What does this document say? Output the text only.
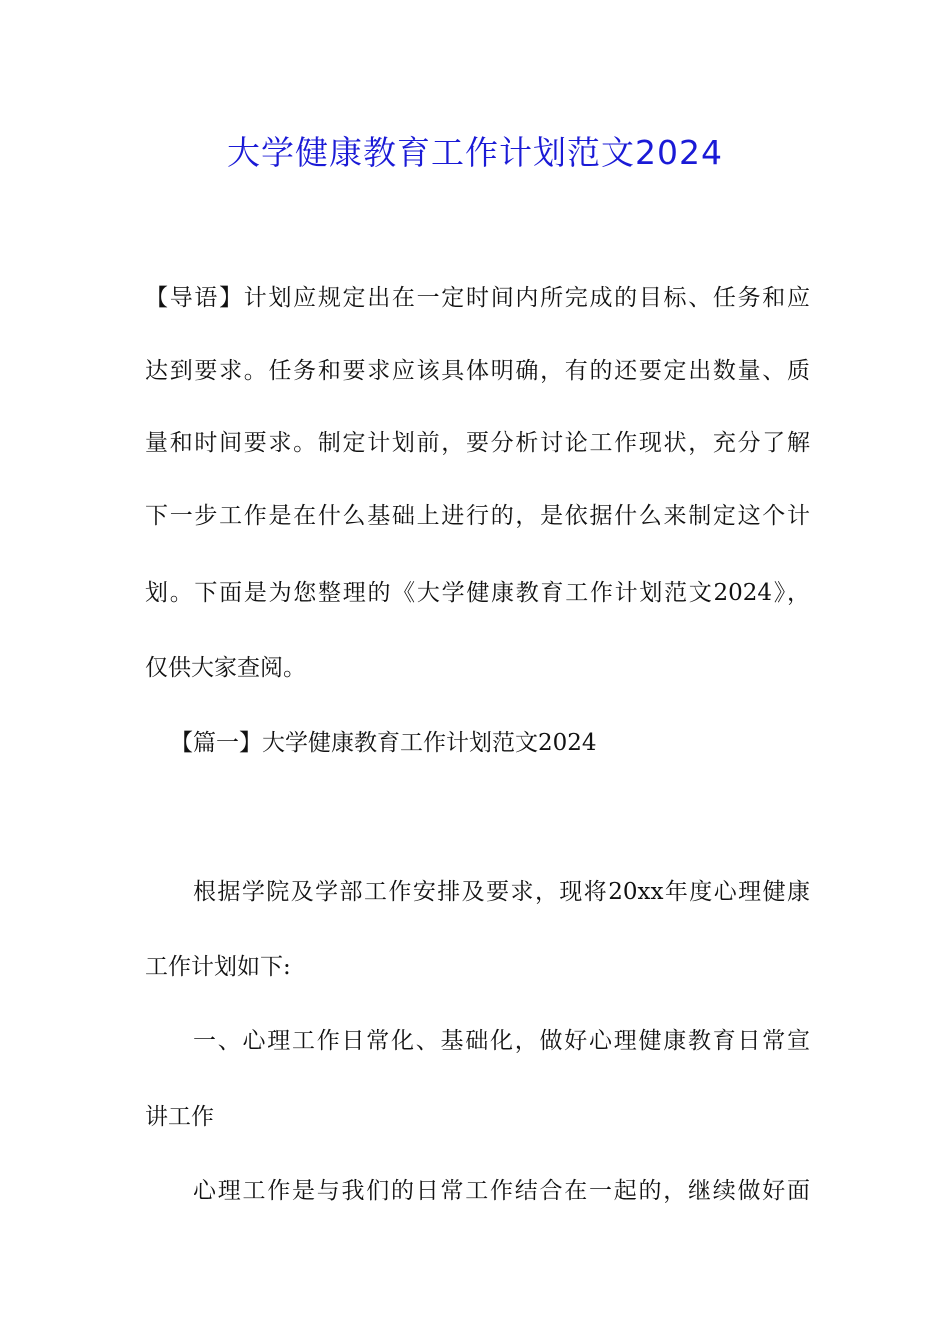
大学健康教育工作计划范文2024
【导语】计划应规定出在一定时间内所完成的目标、任务和应
达到要求。任务和要求应该具体明确，有的还要定出数量、质
量和时间要求。制定计划前，要分析讨论工作现状，充分了解
下一步工作是在什么基础上进行的，是依据什么来制定这个计
划。下面是为您整理的《大学健康教育工作计划范文2024》，
仅供大家查阅。
【篇一】大学健康教育工作计划范文2024
根据学院及学部工作安排及要求，现将20xx年度心理健康
工作计划如下:
一、心理工作日常化、基础化，做好心理健康教育日常宣
讲工作
心理工作是与我们的日常工作结合在一起的，继续做好面
